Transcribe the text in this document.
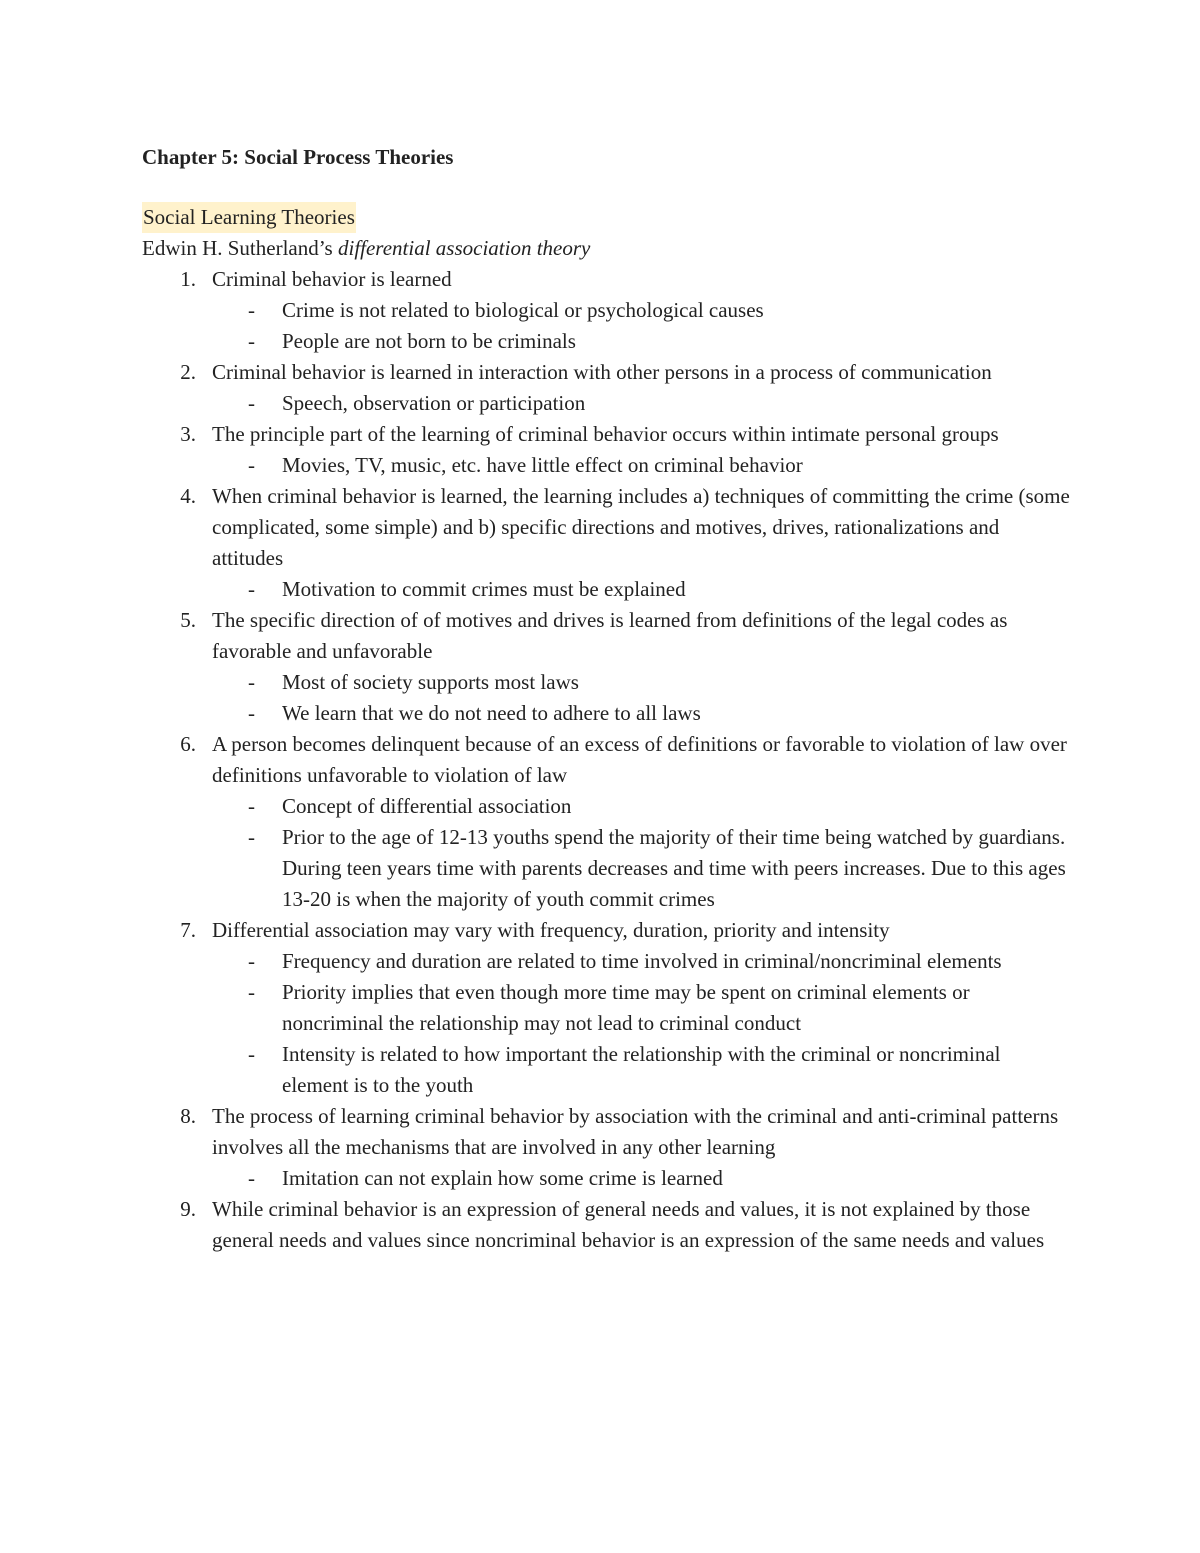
Chapter 5: Social Process Theories
Social Learning Theories
Edwin H. Sutherland’s differential association theory
1. Criminal behavior is learned
- Crime is not related to biological or psychological causes
- People are not born to be criminals
2. Criminal behavior is learned in interaction with other persons in a process of communication
- Speech, observation or participation
3. The principle part of the learning of criminal behavior occurs within intimate personal groups
- Movies, TV, music, etc. have little effect on criminal behavior
4. When criminal behavior is learned, the learning includes a) techniques of committing the crime (some complicated, some simple) and b) specific directions and motives, drives, rationalizations and attitudes
- Motivation to commit crimes must be explained
5. The specific direction of of motives and drives is learned from definitions of the legal codes as favorable and unfavorable
- Most of society supports most laws
- We learn that we do not need to adhere to all laws
6. A person becomes delinquent because of an excess of definitions or favorable to violation of law over definitions unfavorable to violation of law
- Concept of differential association
- Prior to the age of 12-13 youths spend the majority of their time being watched by guardians. During teen years time with parents decreases and time with peers increases. Due to this ages 13-20 is when the majority of youth commit crimes
7. Differential association may vary with frequency, duration, priority and intensity
- Frequency and duration are related to time involved in criminal/noncriminal elements
- Priority implies that even though more time may be spent on criminal elements or noncriminal the relationship may not lead to criminal conduct
- Intensity is related to how important the relationship with the criminal or noncriminal element is to the youth
8. The process of learning criminal behavior by association with the criminal and anti-criminal patterns involves all the mechanisms that are involved in any other learning
- Imitation can not explain how some crime is learned
9. While criminal behavior is an expression of general needs and values, it is not explained by those general needs and values since noncriminal behavior is an expression of the same needs and values
